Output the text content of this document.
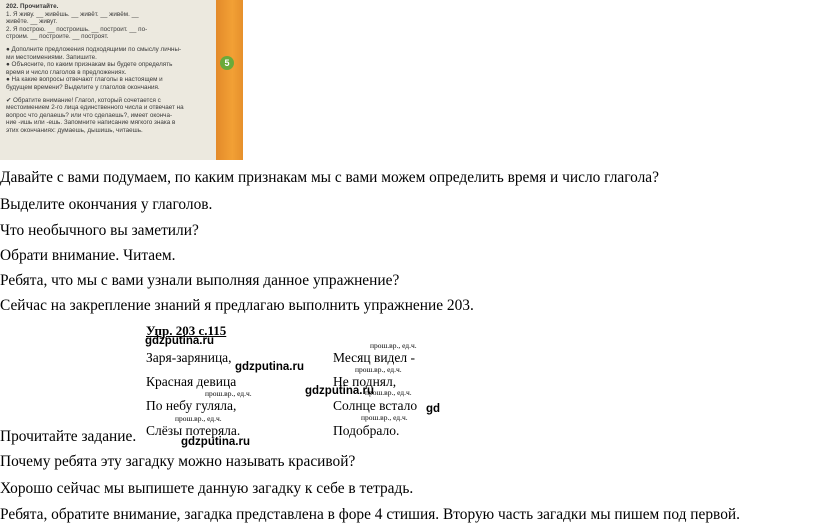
202. Прочитайте.
1. Я живу. __ живёшь. __ живёт. __ живём. __
живёте. __ живут.
2. Я построю. __ построишь. __ построит. __ по-
строим. __ построите. __ построят.
● Дополните предложения подходящими по смыслу личны-
ми местоимениями. Запишите.
● Объясните, по каким признакам вы будете определять
время и число глаголов в предложениях.
● На какие вопросы отвечают глаголы в настоящем и
будущем времени? Выделите у глаголов окончания.
✔ Обратите внимание! Глагол, который сочетается с
местоимением 2-го лица единственного числа и отвечает на
вопрос что делаешь? или что сделаешь?, имеет оконча-
ние -ишь или -ешь. Запомните написание мягкого знака в
этих окончаниях: думаешь, дышишь, читаешь.
5

Давайте с вами подумаем, по каким признакам мы с вами можем определить время и число глагола?

Выделите окончания у глаголов.

Что необычного вы заметили?

Обрати внимание. Читаем.

Ребята, что мы с вами узнали выполняя данное упражнение?

Сейчас на закрепление знаний я предлагаю выполнить упражнение 203.

Прочитайте задание.

Почему ребята эту загадку можно называть красивой?

Хорошо сейчас мы выпишете данную загадку к себе в тетрадь.

Ребята, обратите внимание, загадка представлена в форе 4 стишия. Вторую часть загадки мы пишем под первой.

Упр. 203 с.115
gdzputina.ru	прош.вр., ед.ч.
Заря-заряница,	Месяц видел -
прош.вр., ед.ч.
gdzputina.ru
Красная девица	Не поднял,
прош.вр., ед.ч.	gdzputina.ru
прош.вр., ед.ч.
По небу гуляла,	Солнце встало gd
прош.вр., ед.ч.	прош.вр., ед.ч.
Слёзы потеряла.	Подобрало.
gdzputina.ru
